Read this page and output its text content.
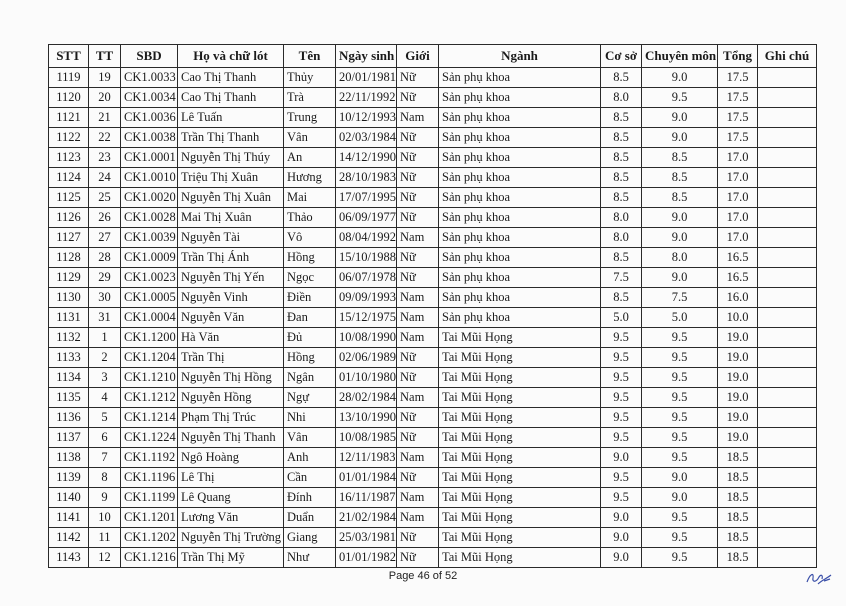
STT	TT	SBD	Họ và chữ lót	Tên	Ngày sinh	Giới	Ngành	Cơ sở	Chuyên môn	Tổng	Ghi chú
1119	19	CK1.0033	Cao Thị Thanh	Thủy	20/01/1981	Nữ	Sản phụ khoa	8.5	9.0	17.5	
1120	20	CK1.0034	Cao Thị Thanh	Trà	22/11/1992	Nữ	Sản phụ khoa	8.0	9.5	17.5	
1121	21	CK1.0036	Lê Tuấn	Trung	10/12/1993	Nam	Sản phụ khoa	8.5	9.0	17.5	
1122	22	CK1.0038	Trần Thị Thanh	Vân	02/03/1984	Nữ	Sản phụ khoa	8.5	9.0	17.5	
1123	23	CK1.0001	Nguyễn Thị Thúy	An	14/12/1990	Nữ	Sản phụ khoa	8.5	8.5	17.0	
1124	24	CK1.0010	Triệu Thị Xuân	Hương	28/10/1983	Nữ	Sản phụ khoa	8.5	8.5	17.0	
1125	25	CK1.0020	Nguyễn Thị Xuân	Mai	17/07/1995	Nữ	Sản phụ khoa	8.5	8.5	17.0	
1126	26	CK1.0028	Mai Thị Xuân	Thảo	06/09/1977	Nữ	Sản phụ khoa	8.0	9.0	17.0	
1127	27	CK1.0039	Nguyễn Tài	Vô	08/04/1992	Nam	Sản phụ khoa	8.0	9.0	17.0	
1128	28	CK1.0009	Trần Thị Ánh	Hồng	15/10/1988	Nữ	Sản phụ khoa	8.5	8.0	16.5	
1129	29	CK1.0023	Nguyễn Thị Yến	Ngọc	06/07/1978	Nữ	Sản phụ khoa	7.5	9.0	16.5	
1130	30	CK1.0005	Nguyễn Vinh	Điền	09/09/1993	Nam	Sản phụ khoa	8.5	7.5	16.0	
1131	31	CK1.0004	Nguyễn Văn	Đan	15/12/1975	Nam	Sản phụ khoa	5.0	5.0	10.0	
1132	1	CK1.1200	Hà Văn	Đủ	10/08/1990	Nam	Tai Mũi Họng	9.5	9.5	19.0	
1133	2	CK1.1204	Trần Thị	Hồng	02/06/1989	Nữ	Tai Mũi Họng	9.5	9.5	19.0	
1134	3	CK1.1210	Nguyễn Thị Hồng	Ngân	01/10/1980	Nữ	Tai Mũi Họng	9.5	9.5	19.0	
1135	4	CK1.1212	Nguyễn Hồng	Ngự	28/02/1984	Nam	Tai Mũi Họng	9.5	9.5	19.0	
1136	5	CK1.1214	Phạm Thị Trúc	Nhi	13/10/1990	Nữ	Tai Mũi Họng	9.5	9.5	19.0	
1137	6	CK1.1224	Nguyễn Thị Thanh	Vân	10/08/1985	Nữ	Tai Mũi Họng	9.5	9.5	19.0	
1138	7	CK1.1192	Ngô Hoàng	Anh	12/11/1983	Nam	Tai Mũi Họng	9.0	9.5	18.5	
1139	8	CK1.1196	Lê Thị	Cần	01/01/1984	Nữ	Tai Mũi Họng	9.5	9.0	18.5	
1140	9	CK1.1199	Lê Quang	Đính	16/11/1987	Nam	Tai Mũi Họng	9.5	9.0	18.5	
1141	10	CK1.1201	Lương Văn	Duẩn	21/02/1984	Nam	Tai Mũi Họng	9.0	9.5	18.5	
1142	11	CK1.1202	Nguyễn Thị Trường	Giang	25/03/1981	Nữ	Tai Mũi Họng	9.0	9.5	18.5	
1143	12	CK1.1216	Trần Thị Mỹ	Như	01/01/1982	Nữ	Tai Mũi Họng	9.0	9.5	18.5	
Page 46 of 52
